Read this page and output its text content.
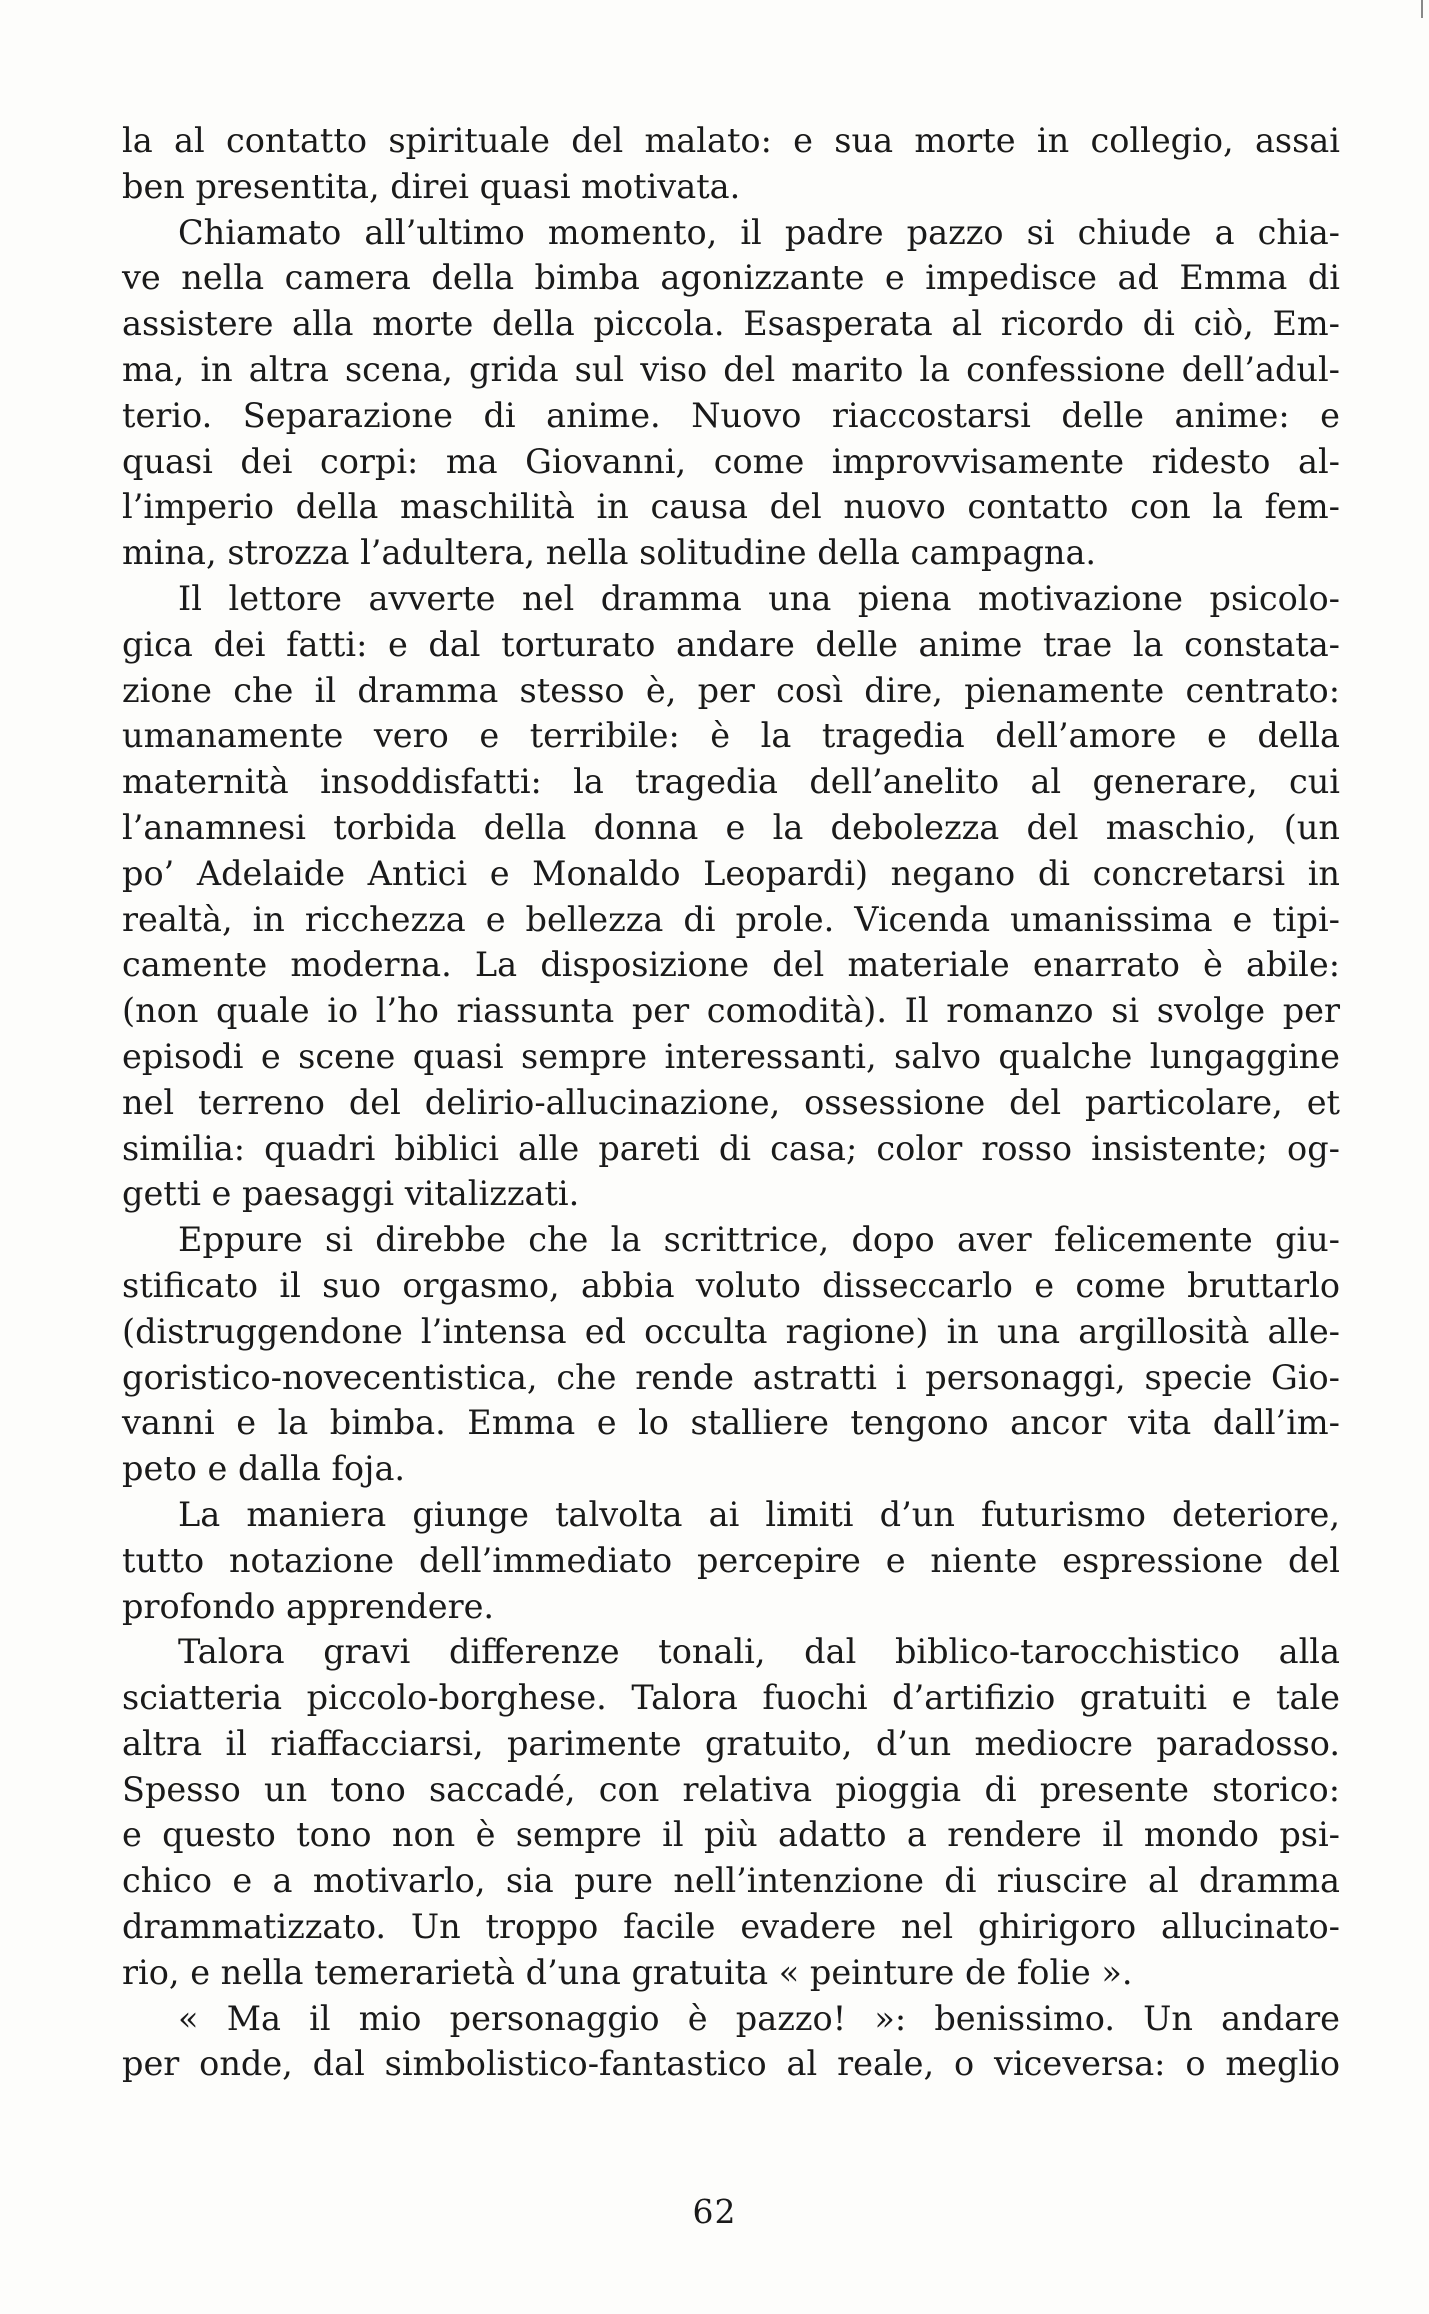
la al contatto spirituale del malato: e sua morte in collegio, assai
ben presentita, direi quasi motivata.
Chiamato all’ultimo momento, il padre pazzo si chiude a chia-
ve nella camera della bimba agonizzante e impedisce ad Emma di
assistere alla morte della piccola. Esasperata al ricordo di ciò, Em-
ma, in altra scena, grida sul viso del marito la confessione dell’adul-
terio. Separazione di anime. Nuovo riaccostarsi delle anime: e
quasi dei corpi: ma Giovanni, come improvvisamente ridesto al-
l’imperio della maschilità in causa del nuovo contatto con la fem-
mina, strozza l’adultera, nella solitudine della campagna.
Il lettore avverte nel dramma una piena motivazione psicolo-
gica dei fatti: e dal torturato andare delle anime trae la constata-
zione che il dramma stesso è, per così dire, pienamente centrato:
umanamente vero e terribile: è la tragedia dell’amore e della
maternità insoddisfatti: la tragedia dell’anelito al generare, cui
l’anamnesi torbida della donna e la debolezza del maschio, (un
po’ Adelaide Antici e Monaldo Leopardi) negano di concretarsi in
realtà, in ricchezza e bellezza di prole. Vicenda umanissima e tipi-
camente moderna. La disposizione del materiale enarrato è abile:
(non quale io l’ho riassunta per comodità). Il romanzo si svolge per
episodi e scene quasi sempre interessanti, salvo qualche lungaggine
nel terreno del delirio-allucinazione, ossessione del particolare, et
similia: quadri biblici alle pareti di casa; color rosso insistente; og-
getti e paesaggi vitalizzati.
Eppure si direbbe che la scrittrice, dopo aver felicemente giu-
stificato il suo orgasmo, abbia voluto disseccarlo e come bruttarlo
(distruggendone l’intensa ed occulta ragione) in una argillosità alle-
goristico-novecentistica, che rende astratti i personaggi, specie Gio-
vanni e la bimba. Emma e lo stalliere tengono ancor vita dall’im-
peto e dalla foja.
La maniera giunge talvolta ai limiti d’un futurismo deteriore,
tutto notazione dell’immediato percepire e niente espressione del
profondo apprendere.
Talora gravi differenze tonali, dal biblico-tarocchistico alla
sciatteria piccolo-borghese. Talora fuochi d’artifizio gratuiti e tale
altra il riaffacciarsi, parimente gratuito, d’un mediocre paradosso.
Spesso un tono saccadé, con relativa pioggia di presente storico:
e questo tono non è sempre il più adatto a rendere il mondo psi-
chico e a motivarlo, sia pure nell’intenzione di riuscire al dramma
drammatizzato. Un troppo facile evadere nel ghirigoro allucinato-
rio, e nella temerarietà d’una gratuita « peinture de folie ».
« Ma il mio personaggio è pazzo! »: benissimo. Un andare
per onde, dal simbolistico-fantastico al reale, o viceversa: o meglio
62
